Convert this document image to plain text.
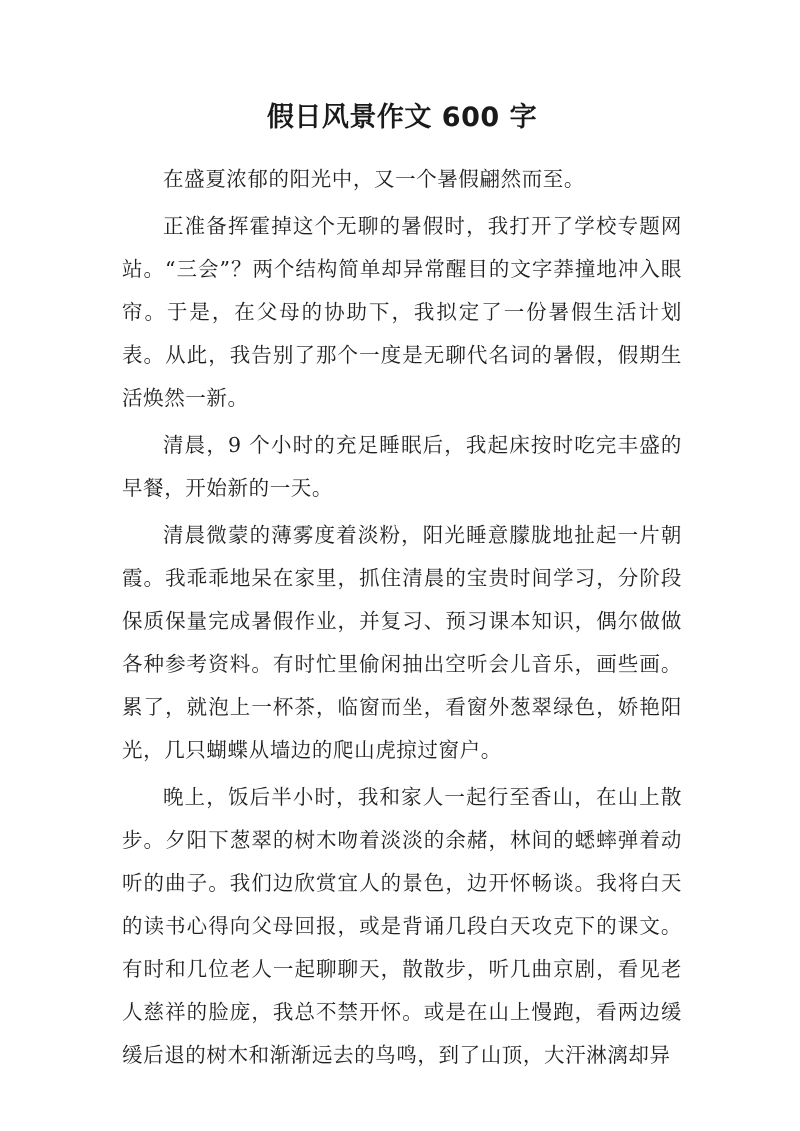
假日风景作文 600 字

在盛夏浓郁的阳光中，又一个暑假翩然而至。

正准备挥霍掉这个无聊的暑假时，我打开了学校专题网站。“三会”？两个结构简单却异常醒目的文字莽撞地冲入眼帘。于是，在父母的协助下，我拟定了一份暑假生活计划表。从此，我告别了那个一度是无聊代名词的暑假，假期生活焕然一新。

清晨，9 个小时的充足睡眠后，我起床按时吃完丰盛的早餐，开始新的一天。

清晨微蒙的薄雾度着淡粉，阳光睡意朦胧地扯起一片朝霞。我乖乖地呆在家里，抓住清晨的宝贵时间学习，分阶段保质保量完成暑假作业，并复习、预习课本知识，偶尔做做各种参考资料。有时忙里偷闲抽出空听会儿音乐，画些画。累了，就泡上一杯茶，临窗而坐，看窗外葱翠绿色，娇艳阳光，几只蝴蝶从墙边的爬山虎掠过窗户。

晚上，饭后半小时，我和家人一起行至香山，在山上散步。夕阳下葱翠的树木吻着淡淡的余赭，林间的蟋蟀弹着动听的曲子。我们边欣赏宜人的景色，边开怀畅谈。我将白天的读书心得向父母回报，或是背诵几段白天攻克下的课文。有时和几位老人一起聊聊天，散散步，听几曲京剧，看见老人慈祥的脸庞，我总不禁开怀。或是在山上慢跑，看两边缓缓后退的树木和渐渐远去的鸟鸣，到了山顶，大汗淋漓却异
